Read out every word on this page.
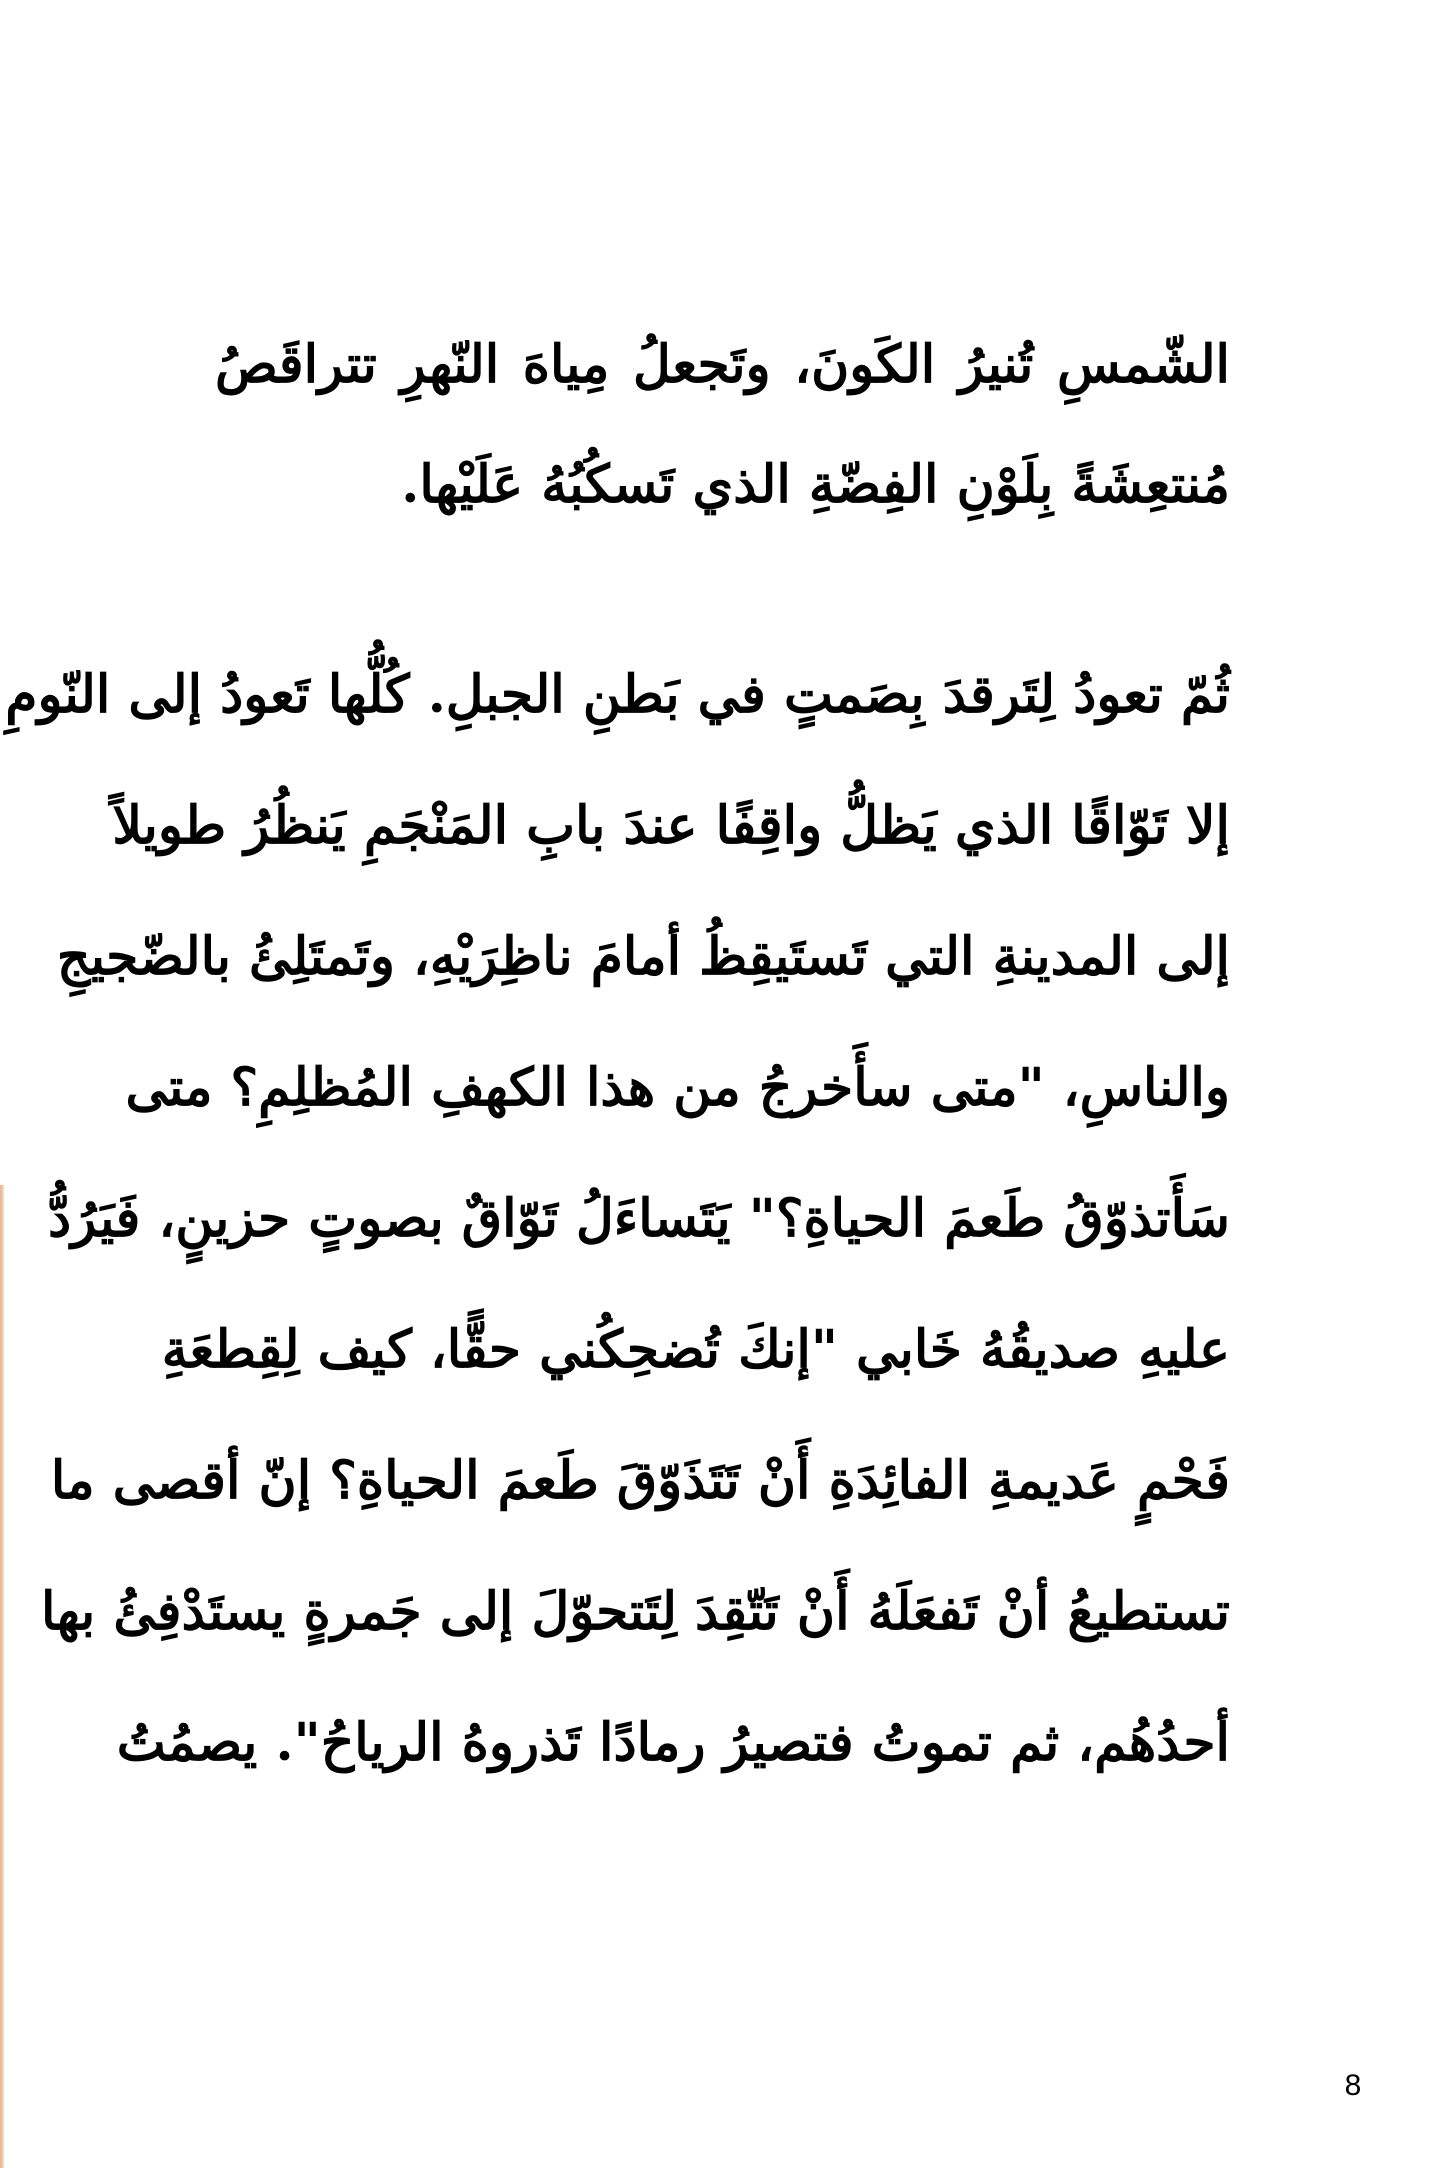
الشّمسِ تُنيرُ الكَونَ، وتَجعلُ مِياهَ النّهرِ تتراقَصُ
مُنتعِشَةً بِلَوْنِ الفِضّةِ الذي تَسكُبُهُ عَلَيْها.
ثُمّ تعودُ لِتَرقدَ بِصَمتٍ في بَطنِ الجبلِ. كُلُّها تَعودُ إلى النّومِ
إلا تَوّاقًا الذي يَظلُّ واقِفًا عندَ بابِ المَنْجَمِ يَنظُرُ طويلاً
إلى المدينةِ التي تَستَيقِظُ أمامَ ناظِرَيْهِ، وتَمتَلِئُ بالضّجيجِ
والناسِ، "متى سأَخرجُ من هذا الكهفِ المُظلِمِ؟ متى
سَأَتذوّقُ طَعمَ الحياةِ؟" يَتَساءَلُ تَوّاقٌ بصوتٍ حزينٍ، فَيَرُدُّ
عليهِ صديقُهُ خَابي "إنكَ تُضحِكُني حقًّا، كيف لِقِطعَةِ
فَحْمٍ عَديمةِ الفائِدَةِ أَنْ تَتَذَوّقَ طَعمَ الحياةِ؟ إنّ أقصى ما
تستطيعُ أنْ تَفعَلَهُ أَنْ تَتّقِدَ لِتَتحوّلَ إلى جَمرةٍ يستَدْفِئُ بها
أحدُهُم، ثم تموتُ فتصيرُ رمادًا تَذروهُ الرياحُ". يصمُتُ
8
